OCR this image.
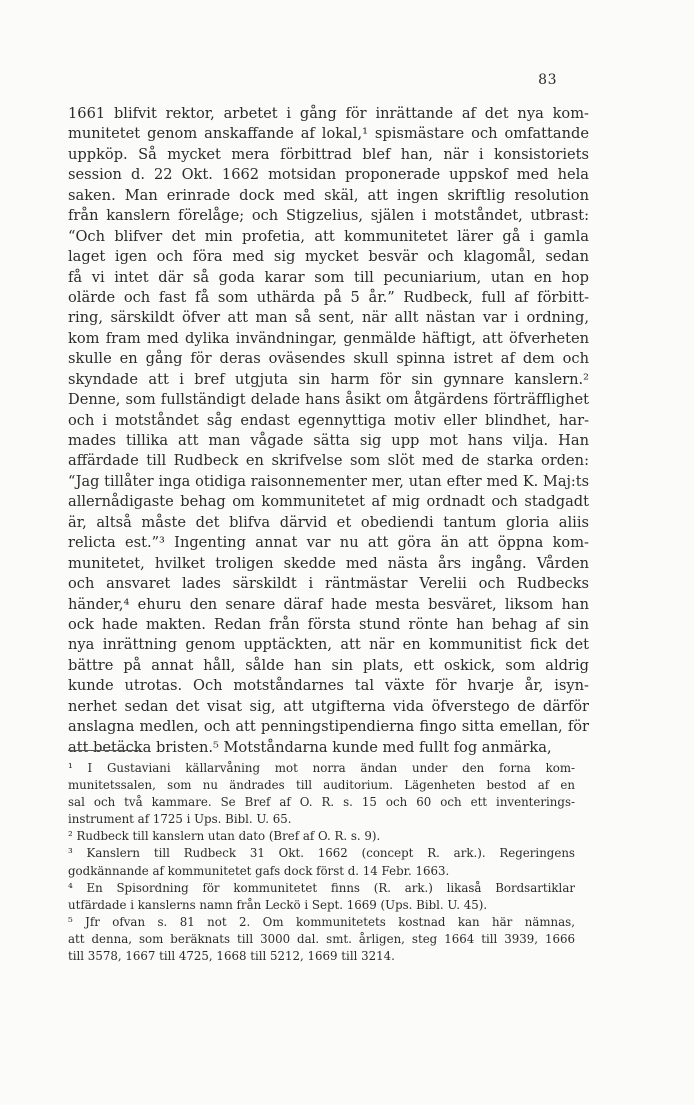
83
1661 blifvit rektor, arbetet i gång för inrättande af det nya kom-
munitetet genom anskaffande af lokal,¹ spismästare och omfattande
uppköp. Så mycket mera förbittrad blef han, när i konsistoriets
session d. 22 Okt. 1662 motsidan proponerade uppskof med hela
saken. Man erinrade dock med skäl, att ingen skriftlig resolution
från kanslern förelåge; och Stigzelius, själen i motståndet, utbrast:
“Och blifver det min profetia, att kommunitetet lärer gå i gamla
laget igen och föra med sig mycket besvär och klagomål, sedan
få vi intet där så goda karar som till pecuniarium, utan en hop
olärde och fast få som uthärda på 5 år.” Rudbeck, full af förbitt-
ring, särskildt öfver att man så sent, när allt nästan var i ordning,
kom fram med dylika invändningar, genmälde häftigt, att öfverheten
skulle en gång för deras oväsendes skull spinna istret af dem och
skyndade att i bref utgjuta sin harm för sin gynnare kanslern.²
Denne, som fullständigt delade hans åsikt om åtgärdens förträfflighet
och i motståndet såg endast egennyttiga motiv eller blindhet, har-
mades tillika att man vågade sätta sig upp mot hans vilja. Han
affärdade till Rudbeck en skrifvelse som slöt med de starka orden:
“Jag tillåter inga otidiga raisonnementer mer, utan efter med K. Maj:ts
allernådigaste behag om kommunitetet af mig ordnadt och stadgadt
är, altså måste det blifva därvid et obediendi tantum gloria aliis
relicta est.”³ Ingenting annat var nu att göra än att öppna kom-
munitetet, hvilket troligen skedde med nästa års ingång. Vården
och ansvaret lades särskildt i räntmästar Verelii och Rudbecks
händer,⁴ ehuru den senare däraf hade mesta besväret, liksom han
ock hade makten. Redan från första stund rönte han behag af sin
nya inrättning genom upptäckten, att när en kommunitist fick det
bättre på annat håll, sålde han sin plats, ett oskick, som aldrig
kunde utrotas. Och motståndarnes tal växte för hvarje år, isyn-
nerhet sedan det visat sig, att utgifterna vida öfverstego de därför
anslagna medlen, och att penningstipendierna fingo sitta emellan, för
att betäcka bristen.⁵ Motståndarna kunde med fullt fog anmärka,
¹ I Gustaviani källarvåning mot norra ändan under den forna kom-
munitetssalen, som nu ändrades till auditorium. Lägenheten bestod af en
sal och två kammare. Se Bref af O. R. s. 15 och 60 och ett inventerings-
instrument af 1725 i Ups. Bibl. U. 65.
² Rudbeck till kanslern utan dato (Bref af O. R. s. 9).
³ Kanslern till Rudbeck 31 Okt. 1662 (concept R. ark.). Regeringens
godkännande af kommunitetet gafs dock först d. 14 Febr. 1663.
⁴ En Spisordning för kommunitetet finns (R. ark.) likaså Bordsartiklar
utfärdade i kanslerns namn från Leckö i Sept. 1669 (Ups. Bibl. U. 45).
⁵ Jfr ofvan s. 81 not 2. Om kommunitetets kostnad kan här nämnas,
att denna, som beräknats till 3000 dal. smt. årligen, steg 1664 till 3939, 1666
till 3578, 1667 till 4725, 1668 till 5212, 1669 till 3214.
